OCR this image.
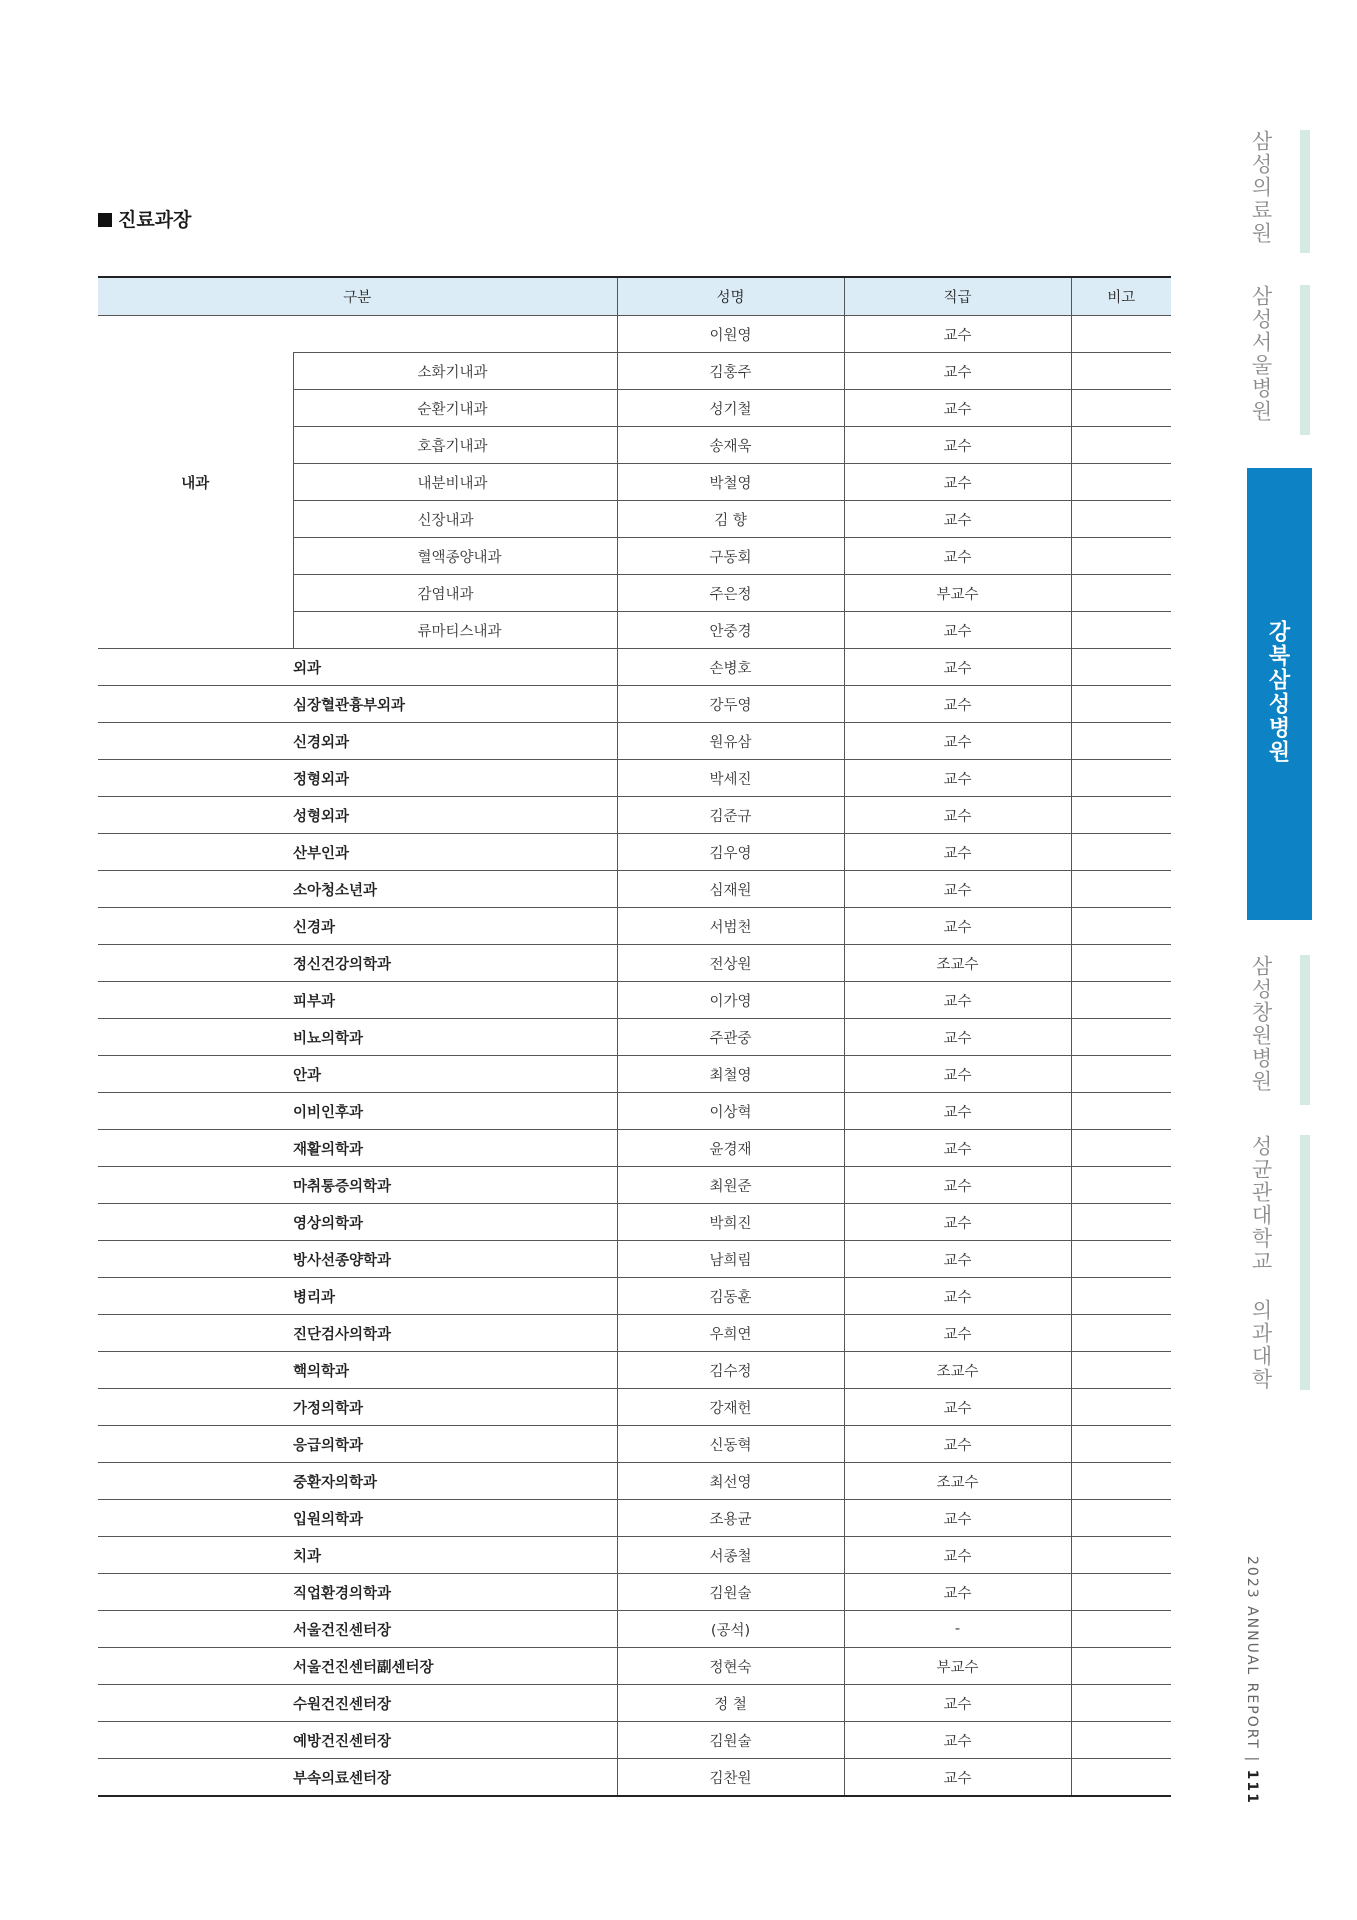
진료과장
구분		성명	직급	비고
내과		이원영	교수	

	소화기내과	김홍주	교수	

	순환기내과	성기철	교수	

	호흡기내과	송재욱	교수	

	내분비내과	박철영	교수	

	신장내과	김 향	교수	

	혈액종양내과	구동회	교수	

	감염내과	주은정	부교수	

	류마티스내과	안중경	교수	
외과		손병호	교수	
심장혈관흉부외과		강두영	교수	
신경외과		원유삼	교수	
정형외과		박세진	교수	
성형외과		김준규	교수	
산부인과		김우영	교수	
소아청소년과		심재원	교수	
신경과		서범천	교수	
정신건강의학과		전상원	조교수	
피부과		이가영	교수	
비뇨의학과		주관중	교수	
안과		최철영	교수	
이비인후과		이상혁	교수	
재활의학과		윤경재	교수	
마취통증의학과		최원준	교수	
영상의학과		박희진	교수	
방사선종양학과		남희림	교수	
병리과		김동훈	교수	
진단검사의학과		우희연	교수	
핵의학과		김수정	조교수	
가정의학과		강재헌	교수	
응급의학과		신동혁	교수	
중환자의학과		최선영	조교수	
입원의학과		조용균	교수	
치과		서종철	교수	
직업환경의학과		김원술	교수	
서울건진센터장		(공석)	-	
서울건진센터副센터장		정현숙	부교수	
수원건진센터장		정 철	교수	
예방건진센터장		김원술	교수	
부속의료센터장		김찬원	교수	
삼성의료원
삼성서울병원
강북삼성병원
삼성창원병원
성균관대학교 의과대학
2023 ANNUAL REPORT | 111
